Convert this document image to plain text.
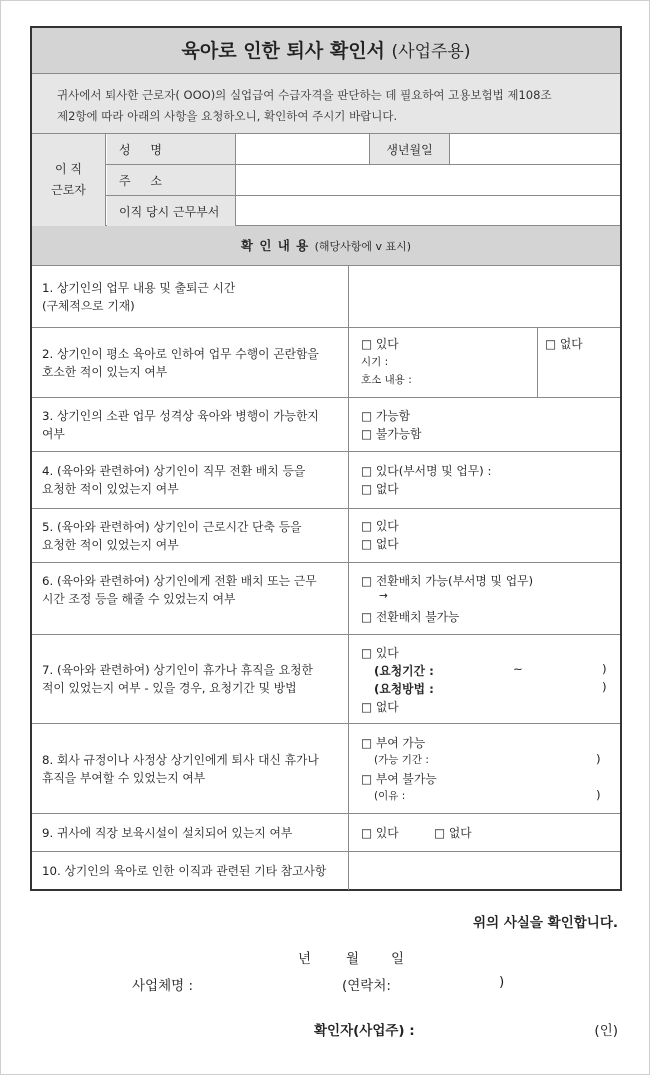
육아로 인한 퇴사 확인서 (사업주용)
귀사에서 퇴사한 근로자( OOO)의 실업급여 수급자격을 판단하는 데 필요하여 고용보험법 제108조
제2항에 따라 아래의 사항을 요청하오니, 확인하여 주시기 바랍니다.
이 직
근로자
성 명	생년월일
주 소
이직 당시 근무부서
확 인 내 용 (해당사항에 v 표시)
1. 상기인의 업무 내용 및 출퇴근 시간
(구체적으로 기재)
2. 상기인이 평소 육아로 인하여 업무 수행이 곤란함을
호소한 적이 있는지 여부
□ 있다
시기 :
호소 내용 :
□ 없다
3. 상기인의 소관 업무 성격상 육아와 병행이 가능한지
여부
□ 가능함
□ 불가능함
4. (육아와 관련하여) 상기인이 직무 전환 배치 등을
요청한 적이 있었는지 여부
□ 있다(부서명 및 업무) :
□ 없다
5. (육아와 관련하여) 상기인이 근로시간 단축 등을
요청한 적이 있었는지 여부
□ 있다
□ 없다
6. (육아와 관련하여) 상기인에게 전환 배치 또는 근무
시간 조정 등을 해줄 수 있었는지 여부
□ 전환배치 가능(부서명 및 업무)
→
□ 전환배치 불가능
7. (육아와 관련하여) 상기인이 휴가나 휴직을 요청한
적이 있었는지 여부 - 있을 경우, 요청기간 및 방법
□ 있다
(요청기간 :	~	)
(요청방법 :	)
□ 없다
8. 회사 규정이나 사정상 상기인에게 퇴사 대신 휴가나
휴직을 부여할 수 있었는지 여부
□ 부여 가능
(가능 기간 :	)
□ 부여 불가능
(이유 :	)
9. 귀사에 직장 보육시설이 설치되어 있는지 여부	□ 있다	□ 없다
10. 상기인의 육아로 인한 이직과 관련된 기타 참고사항
위의 사실을 확인합니다.
년	월 일
사업체명 :	(연락처:	)
확인자(사업주) :	(인)
